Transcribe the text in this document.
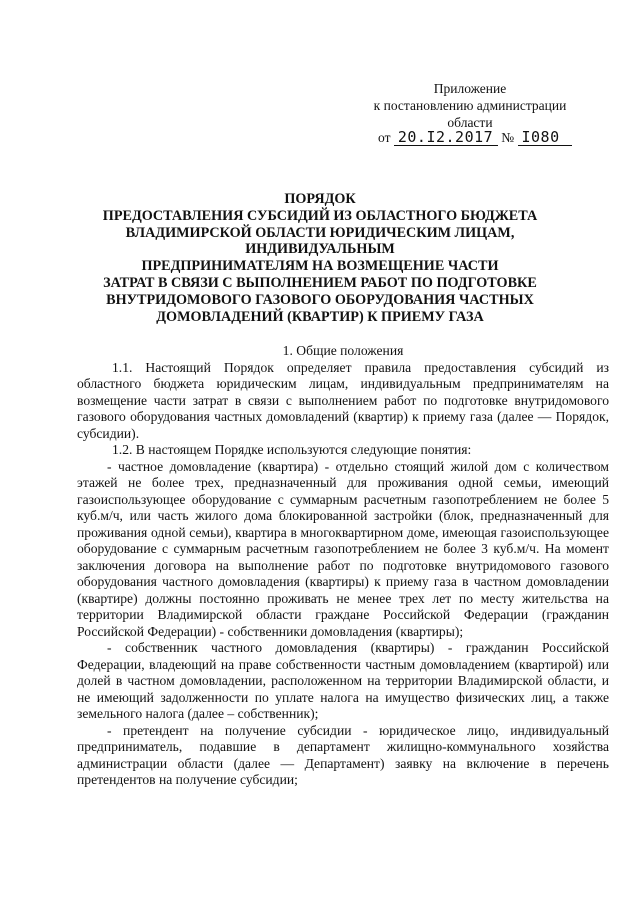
Приложение
к постановлению администрации
области
от 20.I2.2017 № I080
ПОРЯДОК
ПРЕДОСТАВЛЕНИЯ СУБСИДИЙ ИЗ ОБЛАСТНОГО БЮДЖЕТА
ВЛАДИМИРСКОЙ ОБЛАСТИ ЮРИДИЧЕСКИМ ЛИЦАМ,
ИНДИВИДУАЛЬНЫМ
ПРЕДПРИНИМАТЕЛЯМ НА ВОЗМЕЩЕНИЕ ЧАСТИ
ЗАТРАТ В СВЯЗИ С ВЫПОЛНЕНИЕМ РАБОТ ПО ПОДГОТОВКЕ
ВНУТРИДОМОВОГО ГАЗОВОГО ОБОРУДОВАНИЯ ЧАСТНЫХ
ДОМОВЛАДЕНИЙ (КВАРТИР) К ПРИЕМУ ГАЗА

1. Общие положения

1.1. Настоящий Порядок определяет правила предоставления субсидий из областного бюджета юридическим лицам, индивидуальным предпринимателям на возмещение части затрат в связи с выполнением работ по подготовке внутридомового газового оборудования частных домовладений (квартир) к приему газа (далее — Порядок, субсидии).

1.2. В настоящем Порядке используются следующие понятия:

- частное домовладение (квартира) - отдельно стоящий жилой дом с количеством этажей не более трех, предназначенный для проживания одной семьи, имеющий газоиспользующее оборудование с суммарным расчетным газопотреблением не более 5 куб.м/ч, или часть жилого дома блокированной застройки (блок, предназначенный для проживания одной семьи), квартира в многоквартирном доме, имеющая газоиспользующее оборудование с суммарным расчетным газопотреблением не более 3 куб.м/ч. На момент заключения договора на выполнение работ по подготовке внутридомового газового оборудования частного домовладения (квартиры) к приему газа в частном домовладении (квартире) должны постоянно проживать не менее трех лет по месту жительства на территории Владимирской области граждане Российской Федерации (гражданин Российской Федерации) - собственники домовладения (квартиры);

- собственник частного домовладения (квартиры) - гражданин Российской Федерации, владеющий на праве собственности частным домовладением (квартирой) или долей в частном домовладении, расположенном на территории Владимирской области, и не имеющий задолженности по уплате налога на имущество физических лиц, а также земельного налога (далее – собственник);

- претендент на получение субсидии - юридическое лицо, индивидуальный предприниматель, подавшие в департамент жилищно-коммунального хозяйства администрации области (далее — Департамент) заявку на включение в перечень претендентов на получение субсидии;
